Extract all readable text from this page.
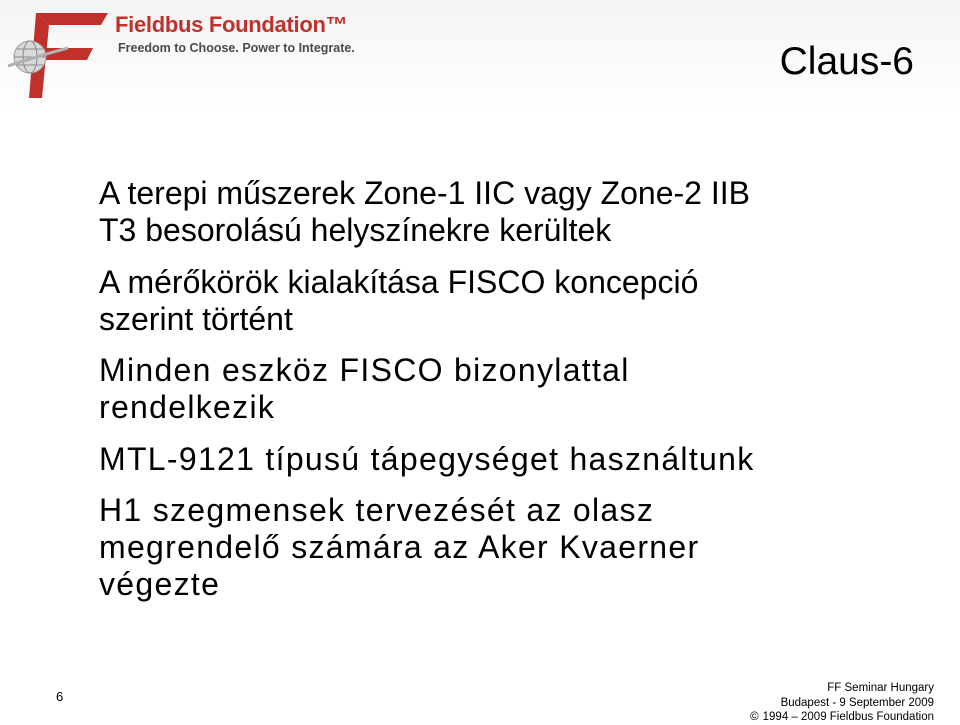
Fieldbus Foundation™
Freedom to Choose. Power to Integrate.	Claus-6
A terepi műszerek Zone-1 IIC vagy Zone-2 IIB
T3 besorolású helyszínekre kerültek
A mérőkörök kialakítása FISCO koncepció
szerint történt
Minden eszköz FISCO bizonylattal
rendelkezik
MTL-9121 típusú tápegységet használtunk
H1 szegmensek tervezését az olasz
megrendelő számára az Aker Kvaerner
végezte
6
FF Seminar Hungary
Budapest - 9 September 2009
© 1994 – 2009 Fieldbus Foundation
